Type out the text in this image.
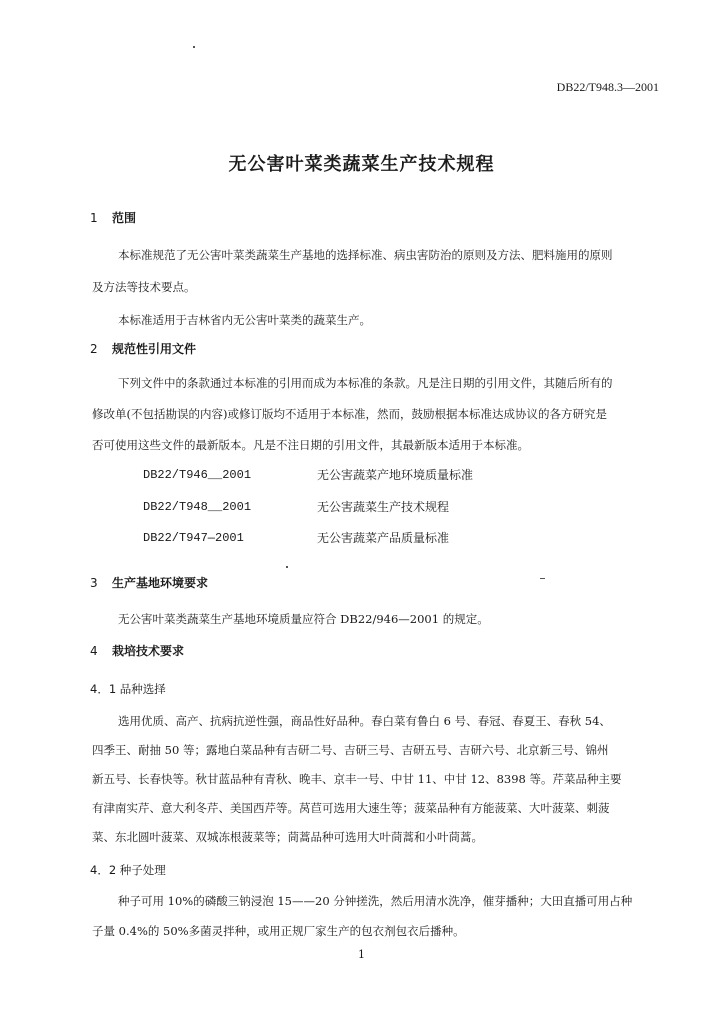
DB22/T948.3—2001
无公害叶菜类蔬菜生产技术规程
1 范围
本标准规范了无公害叶菜类蔬菜生产基地的选择标准、病虫害防治的原则及方法、肥料施用的原则
及方法等技术要点。
本标准适用于吉林省内无公害叶菜类的蔬菜生产。
2 规范性引用文件
下列文件中的条款通过本标准的引用而成为本标准的条款。凡是注日期的引用文件，其随后所有的
修改单(不包括勘误的内容)或修订版均不适用于本标准，然而，鼓励根据本标准达成协议的各方研究是
否可使用这些文件的最新版本。凡是不注日期的引用文件，其最新版本适用于本标准。
DB22/T946__2001	无公害蔬菜产地环境质量标准
DB22/T948__2001	无公害蔬菜生产技术规程
DB22/T947—2001	无公害蔬菜产品质量标准
3 生产基地环境要求
无公害叶菜类蔬菜生产基地环境质量应符合 DB22/946—2001 的规定。
4 栽培技术要求
4．1 品种选择
选用优质、高产、抗病抗逆性强，商品性好品种。春白菜有鲁白 6 号、春冠、春夏王、春秋 54、
四季王、耐抽 50 等；露地白菜品种有吉研二号、吉研三号、吉研五号、吉研六号、北京新三号、锦州
新五号、长春快等。秋甘蓝品种有青秋、晚丰、京丰一号、中甘 11、中甘 12、8398 等。芹菜品种主要
有津南实芹、意大利冬芹、美国西芹等。莴苣可选用大速生等；菠菜品种有方能菠菜、大叶菠菜、刺菠
菜、东北圆叶菠菜、双城冻根菠菜等；茼蒿品种可选用大叶茼蒿和小叶茼蒿。
4．2 种子处理
种子可用 10%的磷酸三钠浸泡 15——20 分钟搓洗，然后用清水洗净，催芽播种；大田直播可用占种
子量 0.4%的 50%多菌灵拌种，或用正规厂家生产的包衣剂包衣后播种。
1
